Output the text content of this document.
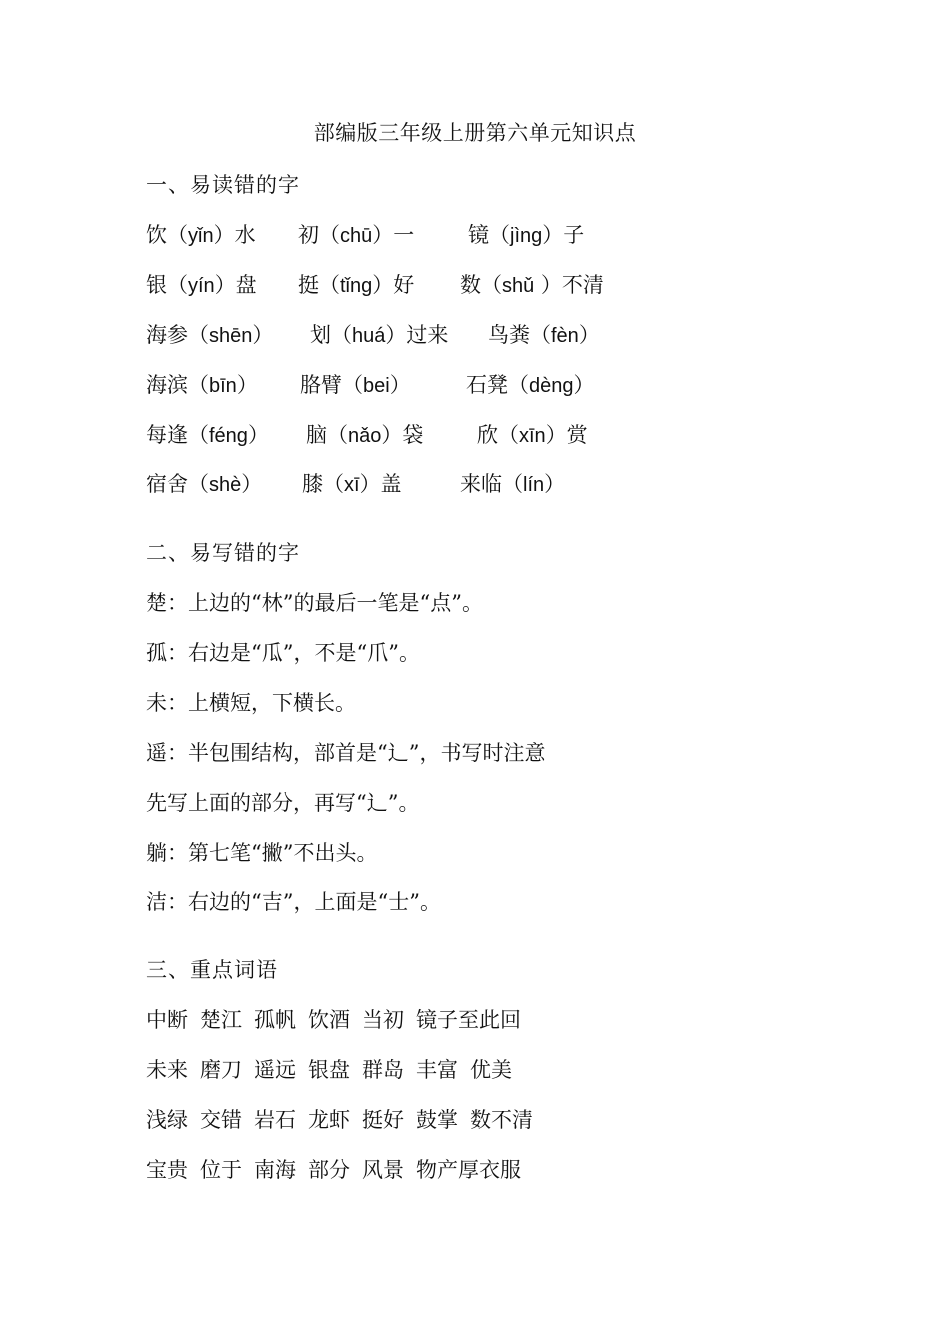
部编版三年级上册第六单元知识点
一、易读错的字
饮（yǐn）水 初（chū）一	镜（jìng）子
银（yín）盘 挺（tǐng）好 数（shǔ ）不清
海参（shēn） 划（huá）过来 鸟粪（fèn）
海滨（bīn） 胳臂（bei）	石凳（dèng）
每逢（féng） 脑（nǎo）袋	欣（xīn）赏
宿舍（shè） 膝（xī）盖	来临（lín）
二、易写错的字
楚：上边的“林”的最后一笔是“点”。
孤：右边是“瓜”，不是“爪”。
未：上横短，下横长。
遥：半包围结构，部首是“辶”，书写时注意
先写上面的部分，再写“辶”。
躺：第七笔“撇”不出头。
洁：右边的“吉”，上面是“士”。
三、重点词语
中断 楚江 孤帆 饮酒 当初 镜子至此回
未来 磨刀 遥远 银盘 群岛 丰富 优美
浅绿 交错 岩石 龙虾 挺好 鼓掌 数不清
宝贵 位于 南海 部分 风景 物产厚衣服
